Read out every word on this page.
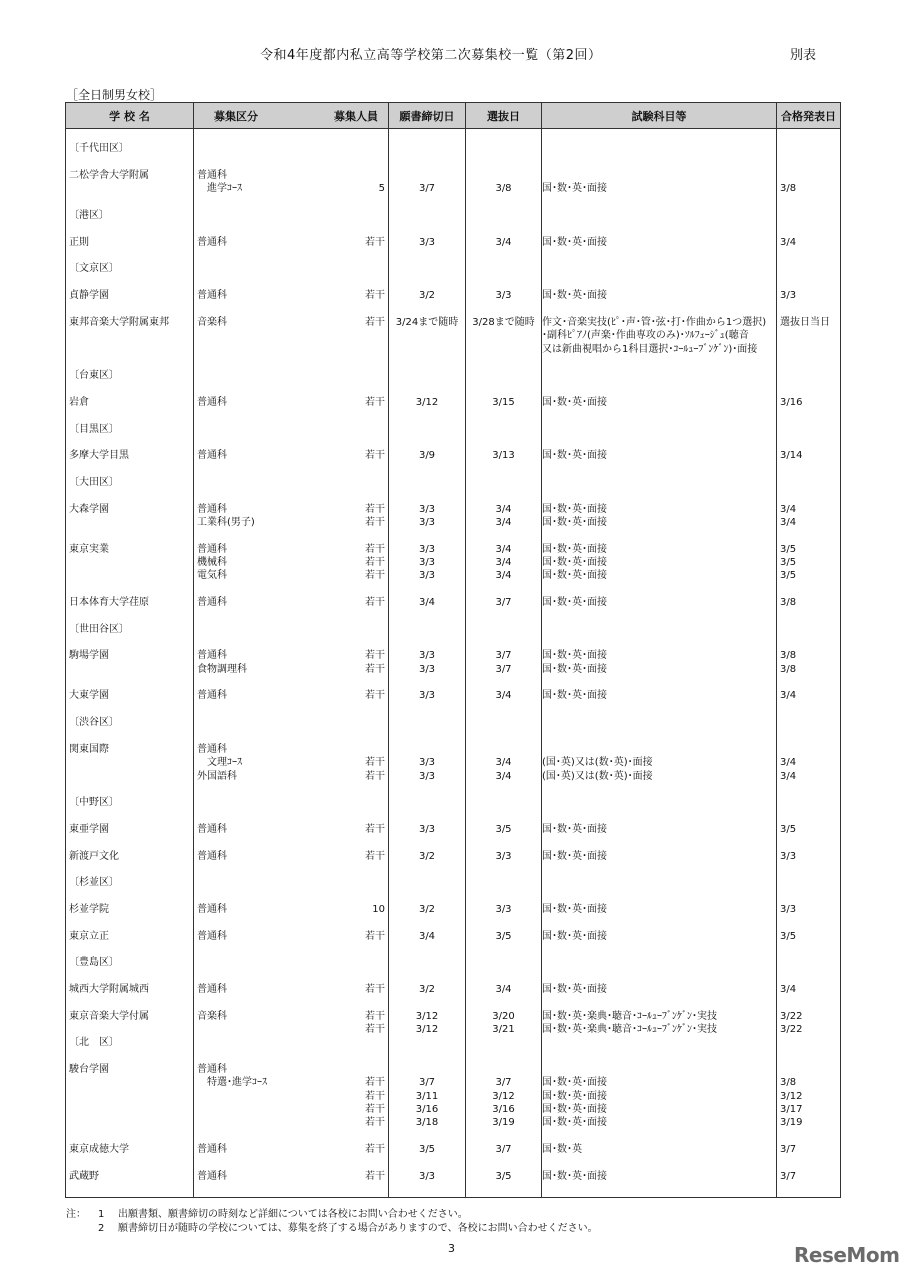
令和4年度都内私立高等学校第二次募集校一覧（第2回）	別表
［全日制男女校］
学 校 名	募集区分 募集人員	願書締切日	選抜日	試験科目等	合格発表日

〔千代田区〕	

二松学舎大学附属	普通科				

	　進学ｺｰｽ 5	3/7	3/8	国･数･英･面接	3/8

〔港区〕	

正則	普通科 若干	3/3	3/4	国･数･英･面接	3/4

〔文京区〕	

貞静学園	普通科 若干	3/2	3/3	国･数･英･面接	3/3

東邦音楽大学附属東邦	音楽科 若干	3/24まで随時	3/28まで随時	作文･音楽実技(ﾋﾟ･声･管･弦･打･作曲から1つ選択)	選抜日当日

			･副科ﾋﾟｱﾉ(声楽･作曲専攻のみ)･ｿﾙﾌｪｰｼﾞｭ(聴音	

			又は新曲視唱から1科目選択･ｺｰﾙｭｰﾌﾞﾝｹﾞﾝ)･面接	

〔台東区〕	

岩倉	普通科 若干	3/12	3/15	国･数･英･面接	3/16

〔目黒区〕	

多摩大学目黒	普通科 若干	3/9	3/13	国･数･英･面接	3/14

〔大田区〕	

大森学園	普通科 若干	3/3	3/4	国･数･英･面接	3/4

	工業科(男子) 若干	3/3	3/4	国･数･英･面接	3/4

東京実業	普通科 若干	3/3	3/4	国･数･英･面接	3/5

	機械科 若干	3/3	3/4	国･数･英･面接	3/5

	電気科 若干	3/3	3/4	国･数･英･面接	3/5

日本体育大学荏原	普通科 若干	3/4	3/7	国･数･英･面接	3/8

〔世田谷区〕	

駒場学園	普通科 若干	3/3	3/7	国･数･英･面接	3/8

	食物調理科 若干	3/3	3/7	国･数･英･面接	3/8

大東学園	普通科 若干	3/3	3/4	国･数･英･面接	3/4

〔渋谷区〕	

関東国際	普通科				

	　文理ｺｰｽ 若干	3/3	3/4	(国･英)又は(数･英)･面接	3/4

	外国語科 若干	3/3	3/4	(国･英)又は(数･英)･面接	3/4

〔中野区〕	

東亜学園	普通科 若干	3/3	3/5	国･数･英･面接	3/5

新渡戸文化	普通科 若干	3/2	3/3	国･数･英･面接	3/3

〔杉並区〕	

杉並学院	普通科 10	3/2	3/3	国･数･英･面接	3/3

東京立正	普通科 若干	3/4	3/5	国･数･英･面接	3/5

〔豊島区〕	

城西大学附属城西	普通科 若干	3/2	3/4	国･数･英･面接	3/4

東京音楽大学付属	音楽科 若干	3/12	3/20	国･数･英･楽典･聴音･ｺｰﾙｭｰﾌﾞﾝｹﾞﾝ･実技	3/22

	若干	3/12	3/21	国･数･英･楽典･聴音･ｺｰﾙｭｰﾌﾞﾝｹﾞﾝ･実技	3/22
〔北　区〕	

駿台学園	普通科				

	　特選･進学ｺｰｽ 若干	3/7	3/7	国･数･英･面接	3/8

	若干	3/11	3/12	国･数･英･面接	3/12

	若干	3/16	3/16	国･数･英･面接	3/17

	若干	3/18	3/19	国･数･英･面接	3/19

東京成徳大学	普通科 若干	3/5	3/7	国･数･英	3/7

武蔵野	普通科 若干	3/3	3/5	国･数･英･面接	3/7

注：	1	出願書類、願書締切の時刻など詳細については各校にお問い合わせください。
2	願書締切日が随時の学校については、募集を終了する場合がありますので、各校にお問い合わせください。
3	ReseMom
